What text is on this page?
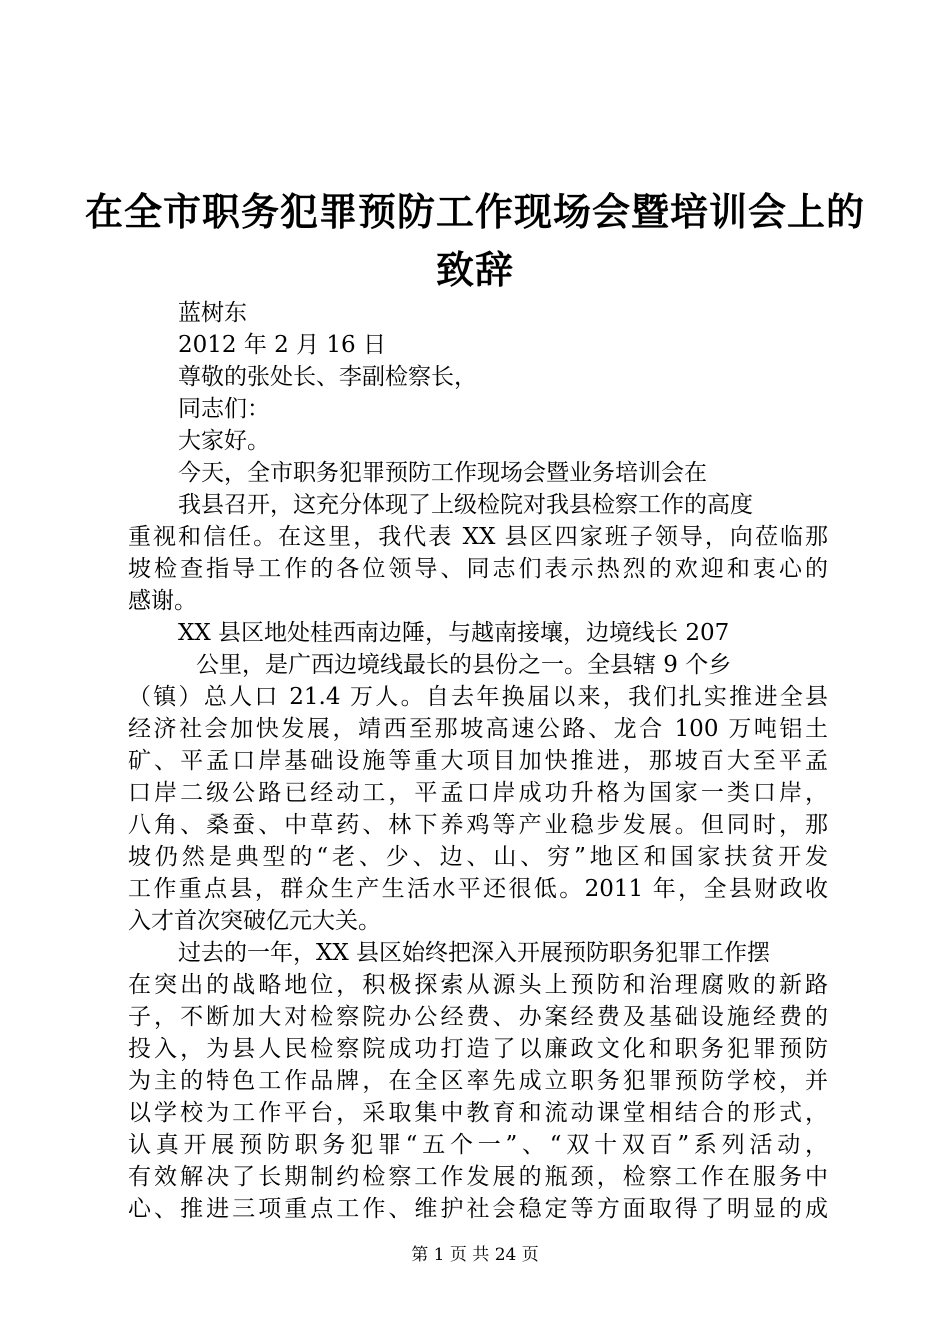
在全市职务犯罪预防工作现场会暨培训会上的
致辞
蓝树东
2012 年 2 月 16 日
尊敬的张处长、李副检察长，
同志们：
大家好。
今天，全市职务犯罪预防工作现场会暨业务培训会在
我县召开，这充分体现了上级检院对我县检察工作的高度
重视和信任。在这里，我代表 XX 县区四家班子领导，向莅临那
坡检查指导工作的各位领导、同志们表示热烈的欢迎和衷心的
感谢。
XX 县区地处桂西南边陲，与越南接壤，边境线长 207
公里，是广西边境线最长的县份之一。全县辖 9 个乡
（镇）总人口 21.4 万人。自去年换届以来，我们扎实推进全县
经济社会加快发展，靖西至那坡高速公路、龙合 100 万吨铝土
矿、平孟口岸基础设施等重大项目加快推进，那坡百大至平孟
口岸二级公路已经动工，平孟口岸成功升格为国家一类口岸，
八角、桑蚕、中草药、林下养鸡等产业稳步发展。但同时，那
坡仍然是典型的“老、少、边、山、穷”地区和国家扶贫开发
工作重点县，群众生产生活水平还很低。2011 年，全县财政收
入才首次突破亿元大关。
过去的一年，XX 县区始终把深入开展预防职务犯罪工作摆
在突出的战略地位，积极探索从源头上预防和治理腐败的新路
子，不断加大对检察院办公经费、办案经费及基础设施经费的
投入，为县人民检察院成功打造了以廉政文化和职务犯罪预防
为主的特色工作品牌，在全区率先成立职务犯罪预防学校，并
以学校为工作平台，采取集中教育和流动课堂相结合的形式，
认真开展预防职务犯罪“五个一”、“双十双百”系列活动，
有效解决了长期制约检察工作发展的瓶颈，检察工作在服务中
心、推进三项重点工作、维护社会稳定等方面取得了明显的成
第 1 页 共 24 页
